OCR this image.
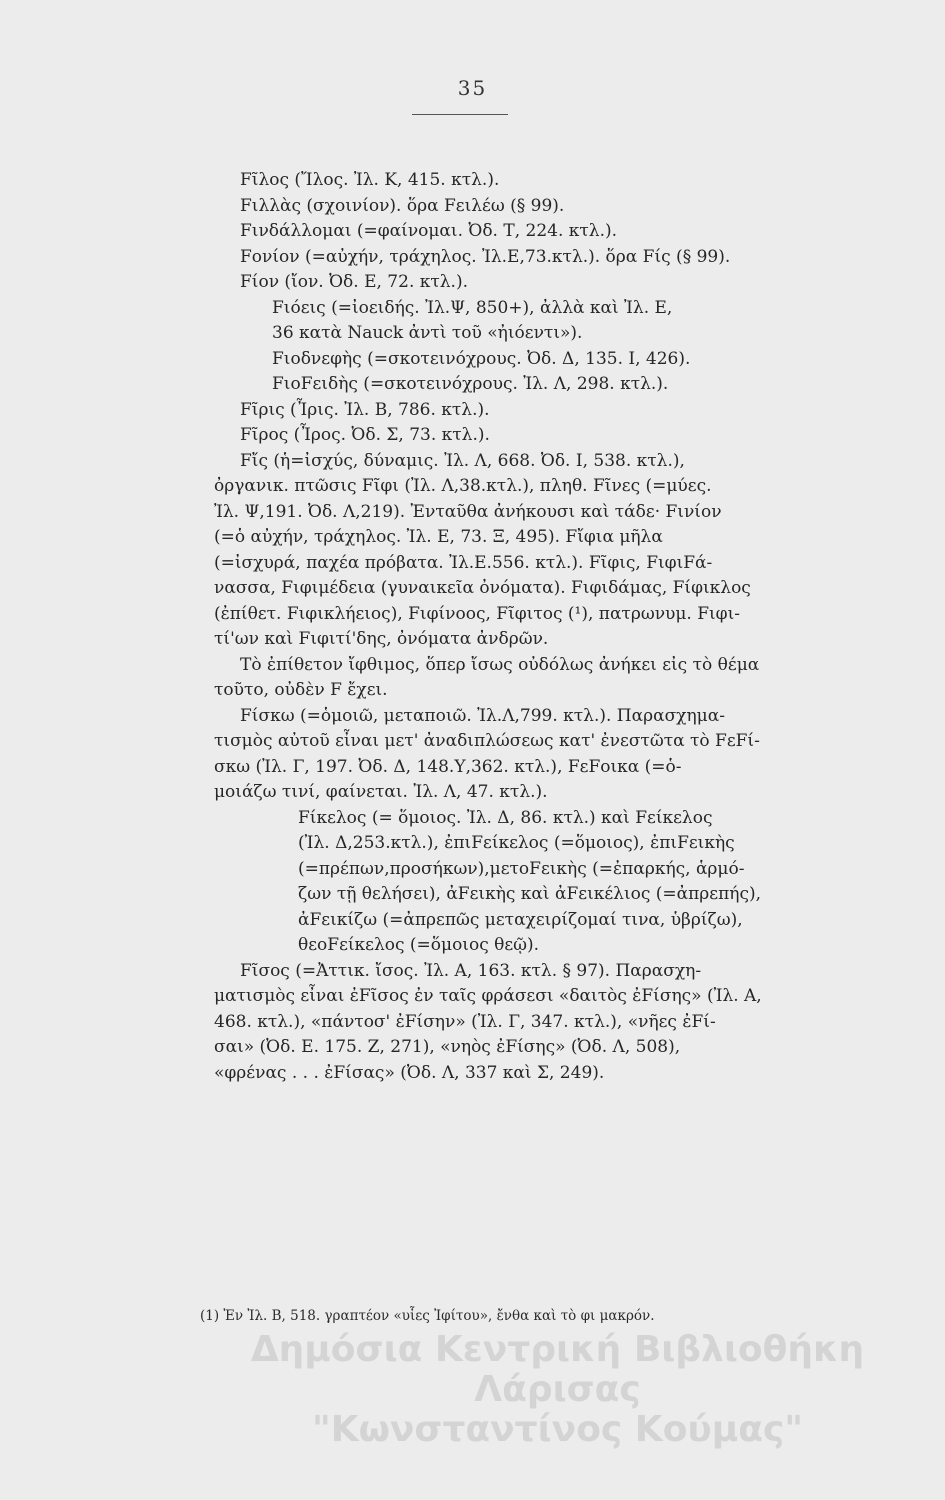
35
Fῖλος (Ἴλος. Ἰλ. Κ, 415. κτλ.).
Fιλλὰς (σχοινίον). ὅρα Fειλέω (§ 99).
Fινδάλλομαι (=φαίνομαι. Ὀδ. Τ, 224. κτλ.).
Fονίον (=αὐχήν, τράχηλος. Ἰλ.Ε,73.κτλ.). ὅρα Fίς (§ 99).
Fίον (ἴον. Ὀδ. Ε, 72. κτλ.).
Fιόεις (=ἰοειδής. Ἰλ.Ψ, 850+), ἀλλὰ καὶ Ἰλ. Ε,
36 κατὰ Nauck ἀντὶ τοῦ «ἠιόεντι»).
Fιοδνεφὴς (=σκοτεινόχρους. Ὀδ. Δ, 135. Ι, 426).
FιοFειδὴς (=σκοτεινόχρους. Ἰλ. Λ, 298. κτλ.).
Fῖρις (Ἶρις. Ἰλ. Β, 786. κτλ.).
Fῖρος (Ἶρος. Ὀδ. Σ, 73. κτλ.).
Fἴς (ἡ=ἰσχύς, δύναμις. Ἰλ. Λ, 668. Ὀδ. Ι, 538. κτλ.),
ὀργανικ. πτῶσις Fῖφι (Ἰλ. Λ,38.κτλ.), πληθ. Fῖνες (=μύες.
Ἰλ. Ψ,191. Ὀδ. Λ,219). Ἐνταῦθα ἀνήκουσι καὶ τάδε· Fινίον
(=ὁ αὐχήν, τράχηλος. Ἰλ. Ε, 73. Ξ, 495). Fἴφια μῆλα
(=ἰσχυρά, παχέα πρόβατα. Ἰλ.Ε.556. κτλ.). Fῖφις, FιφιFά-
νασσα, Fιφιμέδεια (γυναικεῖα ὀνόματα). Fιφιδάμας, Fίφικλος
(ἐπίθετ. Fιφικλήειος), Fιφίνοος, Fῖφιτος (¹), πατρωνυμ. Fιφι-
τί'ων καὶ Fιφιτί'δης, ὀνόματα ἀνδρῶν.
Τὸ ἐπίθετον ἴφθιμος, ὅπερ ἴσως οὐδόλως ἀνήκει εἰς τὸ θέμα
τοῦτο, οὐδὲν F ἔχει.
Fίσκω (=ὁμοιῶ, μεταποιῶ. Ἰλ.Λ,799. κτλ.). Παρασχημα-
τισμὸς αὐτοῦ εἶναι μετ' ἀναδιπλώσεως κατ' ἐνεστῶτα τὸ FεFί-
σκω (Ἰλ. Γ, 197. Ὀδ. Δ, 148.Υ,362. κτλ.), FεFοικα (=ὁ-
μοιάζω τινί, φαίνεται. Ἰλ. Λ, 47. κτλ.).
Fίκελος (= ὅμοιος. Ἰλ. Δ, 86. κτλ.) καὶ Fείκελος
(Ἰλ. Δ,253.κτλ.), ἐπιFείκελος (=ὅμοιος), ἐπιFεικὴς
(=πρέπων,προσήκων),μετοFεικὴς (=ἐπαρκής, ἁρμό-
ζων τῇ θελήσει), ἀFεικὴς καὶ ἀFεικέλιος (=ἀπρεπής),
ἀFεικίζω (=ἀπρεπῶς μεταχειρίζομαί τινα, ὑβρίζω),
θεοFείκελος (=ὅμοιος θεῷ).
Fῖσος (=Ἀττικ. ἴσος. Ἰλ. Α, 163. κτλ. § 97). Παρασχη-
ματισμὸς εἶναι ἐFῖσος ἐν ταῖς φράσεσι «δαιτὸς ἐFίσης» (Ἰλ. Α,
468. κτλ.), «πάντοσ' ἐFίσην» (Ἰλ. Γ, 347. κτλ.), «νῆες ἐFί-
σαι» (Ὀδ. Ε. 175. Ζ, 271), «νηὸς ἐFίσης» (Ὀδ. Λ, 508),
«φρένας . . . ἐFίσας» (Ὀδ. Λ, 337 καὶ Σ, 249).
(1) Ἐν Ἰλ. Β, 518. γραπτέον «υἷες Ἰφίτου», ἔνθα καὶ τὸ φι μακρόν.
Δημόσια Κεντρική Βιβλιοθήκη Λάρισας
"Κωνσταντίνος Κούμας"
